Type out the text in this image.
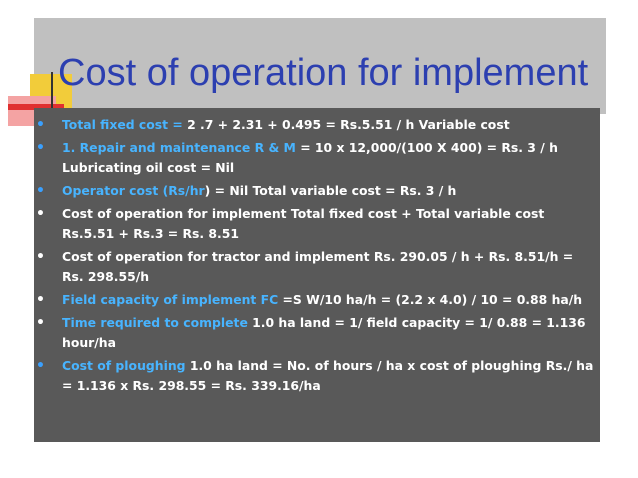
Cost of operation for implement
• Total fixed cost = 2 .7 + 2.31 + 0.495 = Rs.5.51 / h Variable cost
• 1. Repair and maintenance R & M = 10 x 12,000/(100 X 400) = Rs. 3 / h Lubricating oil cost = Nil
• Operator cost (Rs/hr) = Nil Total variable cost = Rs. 3 / h
• Cost of operation for implement Total fixed cost + Total variable cost Rs.5.51 + Rs.3 = Rs. 8.51
• Cost of operation for tractor and implement Rs. 290.05 / h + Rs. 8.51/h = Rs. 298.55/h
• Field capacity of implement FC =S W/10 ha/h = (2.2 x 4.0) / 10 = 0.88 ha/h
• Time required to complete 1.0 ha land = 1/ field capacity = 1/ 0.88 = 1.136 hour/ha
• Cost of ploughing 1.0 ha land = No. of hours / ha x cost of ploughing Rs./ ha = 1.136 x Rs. 298.55 = Rs. 339.16/ha
